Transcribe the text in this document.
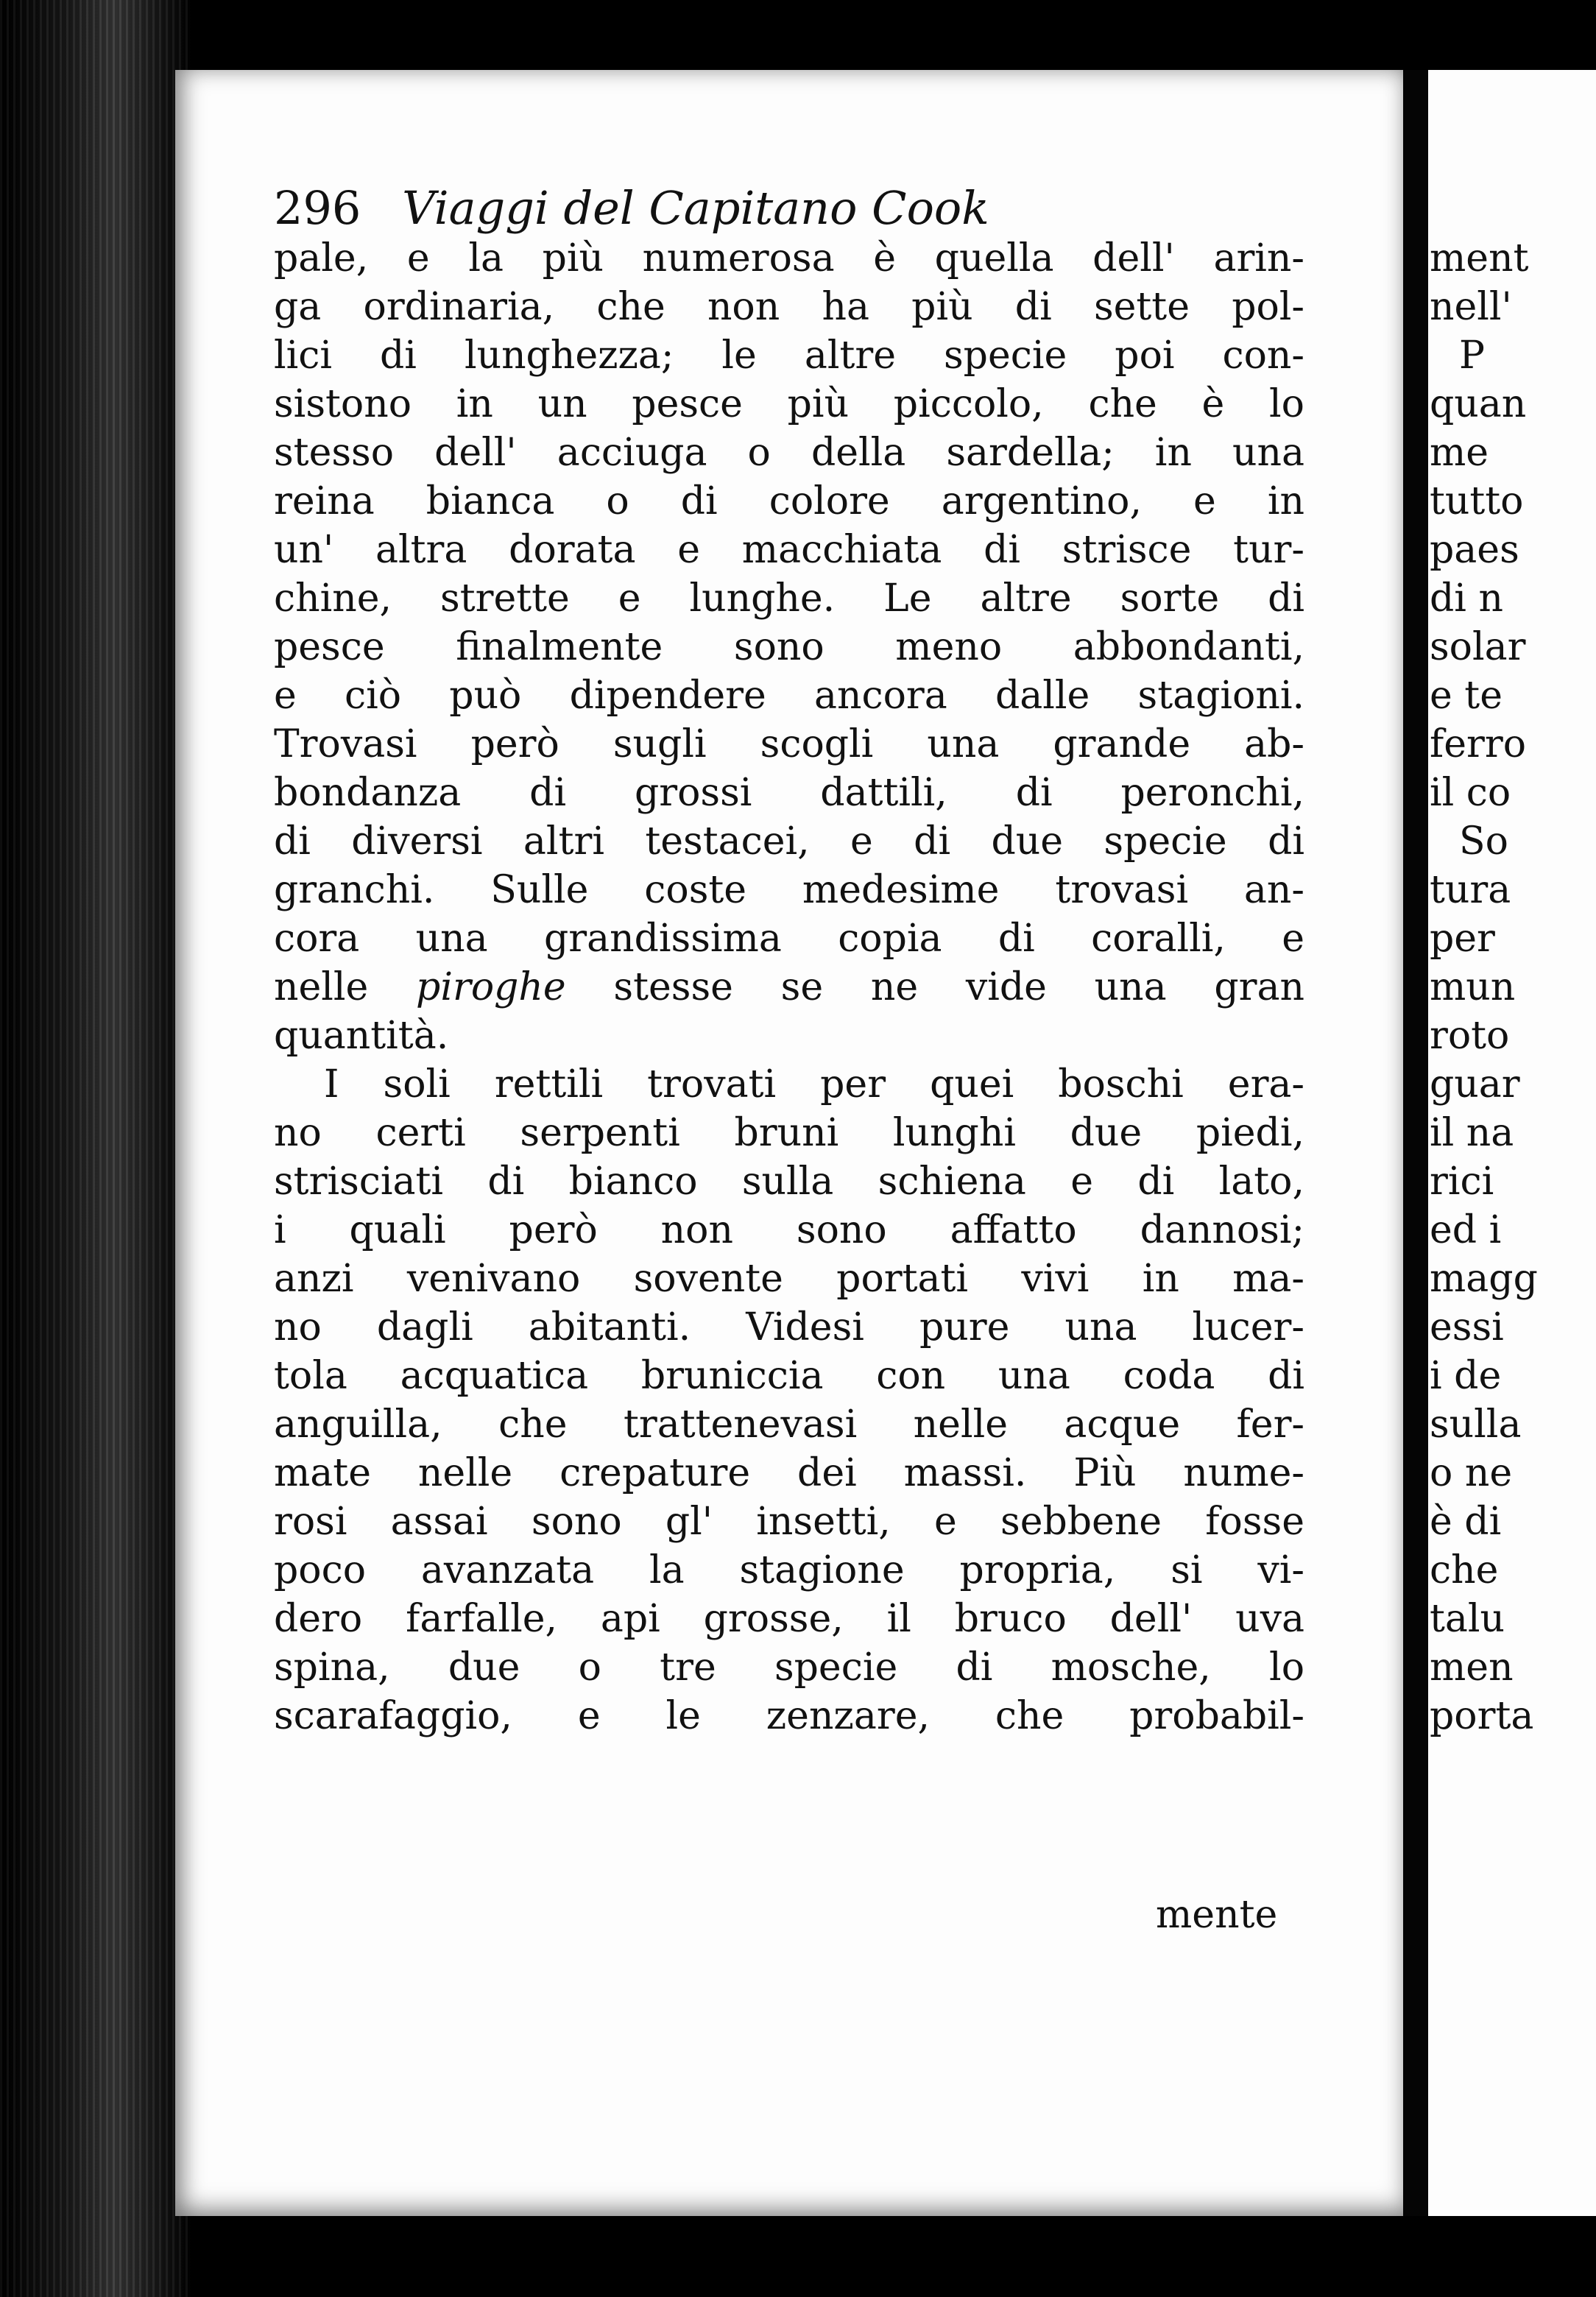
296 Viaggi del Capitano Cook
pale, e la più numerosa è quella dell' arin-
ga ordinaria, che non ha più di sette pol-
lici di lunghezza; le altre specie poi con-
sistono in un pesce più piccolo, che è lo
stesso dell' acciuga o della sardella; in una
reina bianca o di colore argentino, e in
un' altra dorata e macchiata di strisce tur-
chine, strette e lunghe. Le altre sorte di
pesce finalmente sono meno abbondanti,
e ciò può dipendere ancora dalle stagioni.
Trovasi però sugli scogli una grande ab-
bondanza di grossi dattili, di peronchi,
di diversi altri testacei, e di due specie di
granchi. Sulle coste medesime trovasi an-
cora una grandissima copia di coralli, e
nelle piroghe stesse se ne vide una gran
quantità.
I soli rettili trovati per quei boschi era-
no certi serpenti bruni lunghi due piedi,
strisciati di bianco sulla schiena e di lato,
i quali però non sono affatto dannosi;
anzi venivano sovente portati vivi in ma-
no dagli abitanti. Videsi pure una lucer-
tola acquatica bruniccia con una coda di
anguilla, che trattenevasi nelle acque fer-
mate nelle crepature dei massi. Più nume-
rosi assai sono gl' insetti, e sebbene fosse
poco avanzata la stagione propria, si vi-
dero farfalle, api grosse, il bruco dell' uva
spina, due o tre specie di mosche, lo
scarafaggio, e le zenzare, che probabil-
mente
ment
nell'
P
quan
me
tutto
paes
di n
solar
e te
ferro
il co
So
tura
per
mun
roto
guar
il na
rici
ed i
magg
essi
i de
sulla
o ne
è di
che
talu
men
porta
